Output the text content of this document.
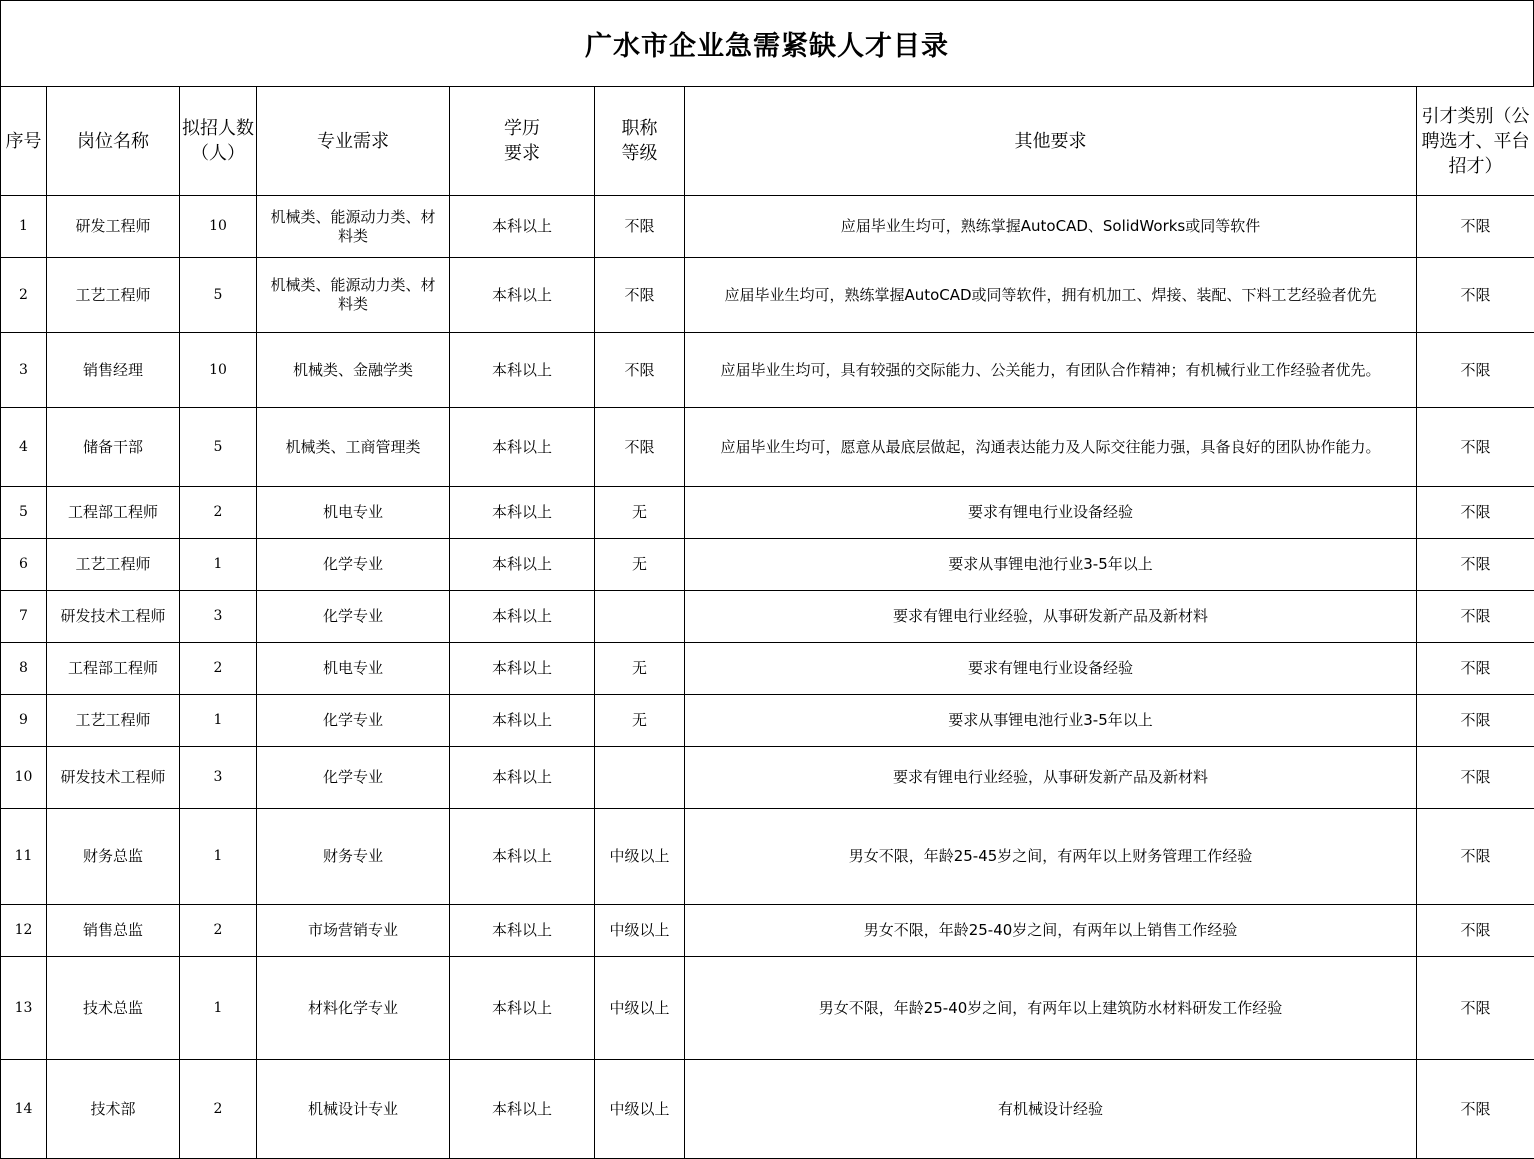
广水市企业急需紧缺人才目录
序号	岗位名称	拟招人数（人）	专业需求	学历要求	职称等级	其他要求	引才类别（公聘选才、平台招才）
1	研发工程师	10	机械类、能源动力类、材料类	本科以上	不限	应届毕业生均可，熟练掌握AutoCAD、SolidWorks或同等软件	不限
2	工艺工程师	5	机械类、能源动力类、材料类	本科以上	不限	应届毕业生均可，熟练掌握AutoCAD或同等软件，拥有机加工、焊接、装配、下料工艺经验者优先	不限
3	销售经理	10	机械类、金融学类	本科以上	不限	应届毕业生均可，具有较强的交际能力、公关能力，有团队合作精神；有机械行业工作经验者优先。	不限
4	储备干部	5	机械类、工商管理类	本科以上	不限	应届毕业生均可，愿意从最底层做起，沟通表达能力及人际交往能力强，具备良好的团队协作能力。	不限
5	工程部工程师	2	机电专业	本科以上	无	要求有锂电行业设备经验	不限
6	工艺工程师	1	化学专业	本科以上	无	要求从事锂电池行业3-5年以上	不限
7	研发技术工程师	3	化学专业	本科以上		要求有锂电行业经验，从事研发新产品及新材料	不限
8	工程部工程师	2	机电专业	本科以上	无	要求有锂电行业设备经验	不限
9	工艺工程师	1	化学专业	本科以上	无	要求从事锂电池行业3-5年以上	不限
10	研发技术工程师	3	化学专业	本科以上		要求有锂电行业经验，从事研发新产品及新材料	不限
11	财务总监	1	财务专业	本科以上	中级以上	男女不限，年龄25-45岁之间，有两年以上财务管理工作经验	不限
12	销售总监	2	市场营销专业	本科以上	中级以上	男女不限，年龄25-40岁之间，有两年以上销售工作经验	不限
13	技术总监	1	材料化学专业	本科以上	中级以上	男女不限，年龄25-40岁之间，有两年以上建筑防水材料研发工作经验	不限
14	技术部	2	机械设计专业	本科以上	中级以上	有机械设计经验	不限
